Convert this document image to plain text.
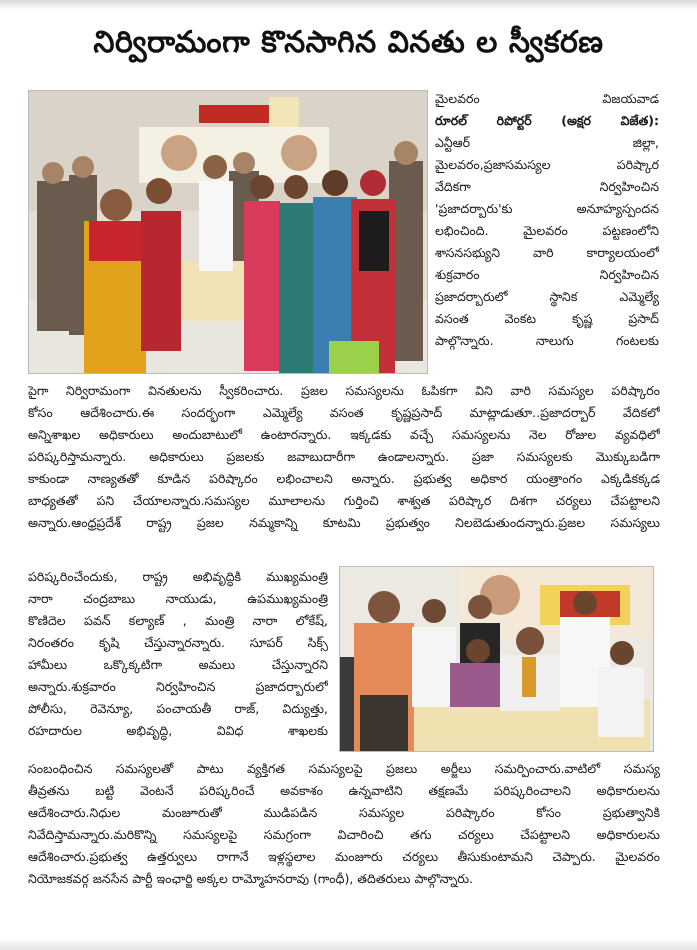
నిర్విరామంగా కొనసాగిన వినతు ల స్వీకరణ
మైలవరం విజయవాడ
రూరల్ రిపోర్టర్ (అక్షర విజేత):
ఎన్టీఆర్ జిల్లా,
మైలవరం,ప్రజాసమస్యల పరిష్కార
వేదికగా నిర్వహించిన
'ప్రజాదర్బారు'కు అనూహ్యస్పందన
లభించింది. మైలవరం పట్టణంలోని
శాసనసభ్యుని వారి కార్యాలయంలో
శుక్రవారం నిర్వహించిన
ప్రజాదర్బారులో స్థానిక ఎమ్మెల్యే
వసంత వెంకట కృష్ణ ప్రసాద్
పాల్గొన్నారు. నాలుగు గంటలకు
పైగా నిర్విరామంగా వినతులను స్వీకరించారు. ప్రజల సమస్యలను ఓపికగా విని వారి సమస్యల పరిష్కారం
కోసం ఆదేశించారు.ఈ సందర్భంగా ఎమ్మెల్యే వసంత కృష్ణప్రసాద్ మాట్లాడుతూ..ప్రజాదర్బార్ వేదికలో
అన్నిశాఖల అధికారులు అందుబాటులో ఉంటారన్నారు. ఇక్కడకు వచ్చే సమస్యలను నెల రోజుల వ్యవధిలో
పరిష్కరిస్తామన్నారు. అధికారులు ప్రజలకు జవాబుదారీగా ఉండాలన్నారు. ప్రజా సమస్యలకు మొక్కుబడిగా
కాకుండా నాణ్యతతో కూడిన పరిష్కారం లభించాలని అన్నారు. ప్రభుత్వ అధికార యంత్రాంగం ఎక్కడికక్కడ
బాధ్యతతో పని చేయాలన్నారు.సమస్యల మూలాలను గుర్తించి శాశ్వత పరిష్కార దిశగా చర్యలు చేపట్టాలని
అన్నారు.ఆంధ్రప్రదేశ్ రాష్ట్ర ప్రజల నమ్మకాన్ని కూటమి ప్రభుత్వం నిలబెడుతుందన్నారు.ప్రజల సమస్యలు
పరిష్కరించేందుకు, రాష్ట్ర అభివృద్ధికి ముఖ్యమంత్రి
నారా చంద్రబాబు నాయుడు, ఉపముఖ్యమంత్రి
కొణిదెల పవన్ కల్యాణ్ , మంత్రి నారా లోకేష్,
నిరంతరం కృషి చేస్తున్నారన్నారు. సూపర్ సిక్స్
హామీలు ఒక్కొక్కటిగా అమలు చేస్తున్నారని
అన్నారు.శుక్రవారం నిర్వహించిన ప్రజాదర్బారులో
పోలీసు, రెవెన్యూ, పంచాయతీ రాజ్, విద్యుత్తు,
రహదారుల అభివృద్ధి, వివిధ శాఖలకు
సంబంధించిన సమస్యలతో పాటు వ్యక్తిగత సమస్యలపై ప్రజలు అర్జీలు సమర్పించారు.వాటిలో సమస్య
తీవ్రతను బట్టి వెంటనే పరిష్కరించే అవకాశం ఉన్నవాటిని తక్షణమే పరిష్కరించాలని అధికారులను
ఆదేశించారు.నిధుల మంజూరుతో ముడిపడిన సమస్యల పరిష్కారం కోసం ప్రభుత్వానికి
నివేదిస్తామన్నారు.మరికొన్ని సమస్యలపై సమగ్రంగా విచారించి తగు చర్యలు చేపట్టాలని అధికారులను
ఆదేశించారు.ప్రభుత్వ ఉత్తర్వులు రాగానే ఇళ్లస్థలాల మంజూరు చర్యలు తీసుకుంటామని చెప్పారు. మైలవరం
నియోజకవర్గ జనసేన పార్టీ ఇంఛార్జి అక్కల రామ్మోహనరావు (గాంధీ), తదితరులు పాల్గొన్నారు.
